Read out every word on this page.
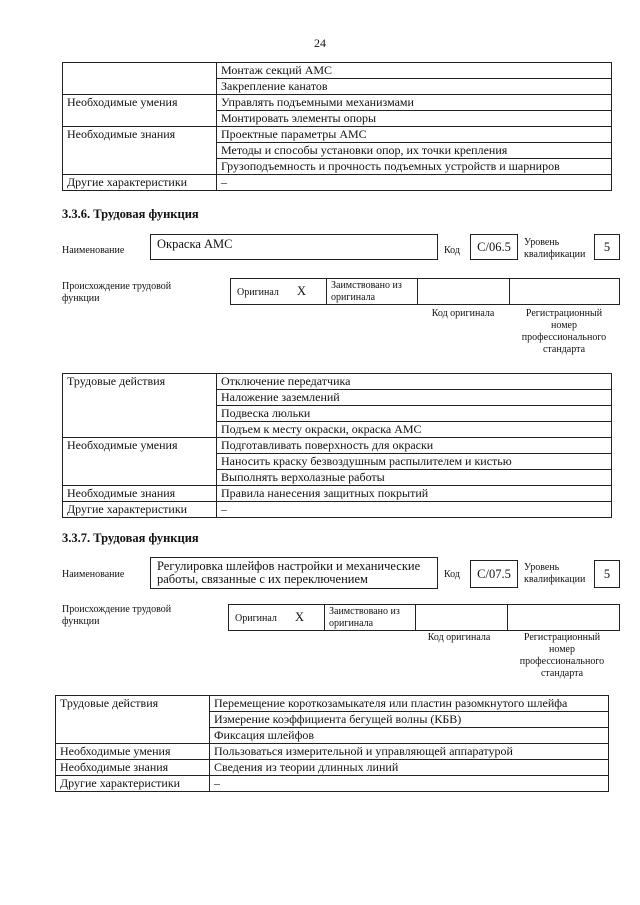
24
	Монтаж секций АМС
	Закрепление канатов
Необходимые умения	Управлять подъемными механизмами
	Монтировать элементы опоры
Необходимые знания	Проектные параметры АМС
	Методы и способы установки опор, их точки крепления
	Грузоподъемность и прочность подъемных устройств и шарниров
Другие характеристики	–
3.3.6. Трудовая функция
Наименование	Окраска АМС	Код	С/06.5	Уровень квалификации
5
Происхождение трудовой функции
Оригинал X Заимствовано из оригинала
Код оригинала	Регистрационный номер профессионального стандарта
Трудовые действия	Отключение передатчика
	Наложение заземлений
	Подвеска люльки
	Подъем к месту окраски, окраска АМС
Необходимые умения	Подготавливать поверхность для окраски
	Наносить краску безвоздушным распылителем и кистью
	Выполнять верхолазные работы
Необходимые знания	Правила нанесения защитных покрытий
Другие характеристики	–
3.3.7. Трудовая функция
Наименование
Регулировка шлейфов настройки и механические работы, связанные с их переключением	Код	С/07.5	Уровень квалификации	5
Происхождение трудовой функции	Оригинал X Заимствовано из оригинала
Код оригинала	Регистрационный номер профессионального стандарта
Трудовые действия	Перемещение короткозамыкателя или пластин разомкнутого шлейфа
	Измерение коэффициента бегущей волны (КБВ)
	Фиксация шлейфов
Необходимые умения	Пользоваться измерительной и управляющей аппаратурой
Необходимые знания	Сведения из теории длинных линий
Другие характеристики	–
